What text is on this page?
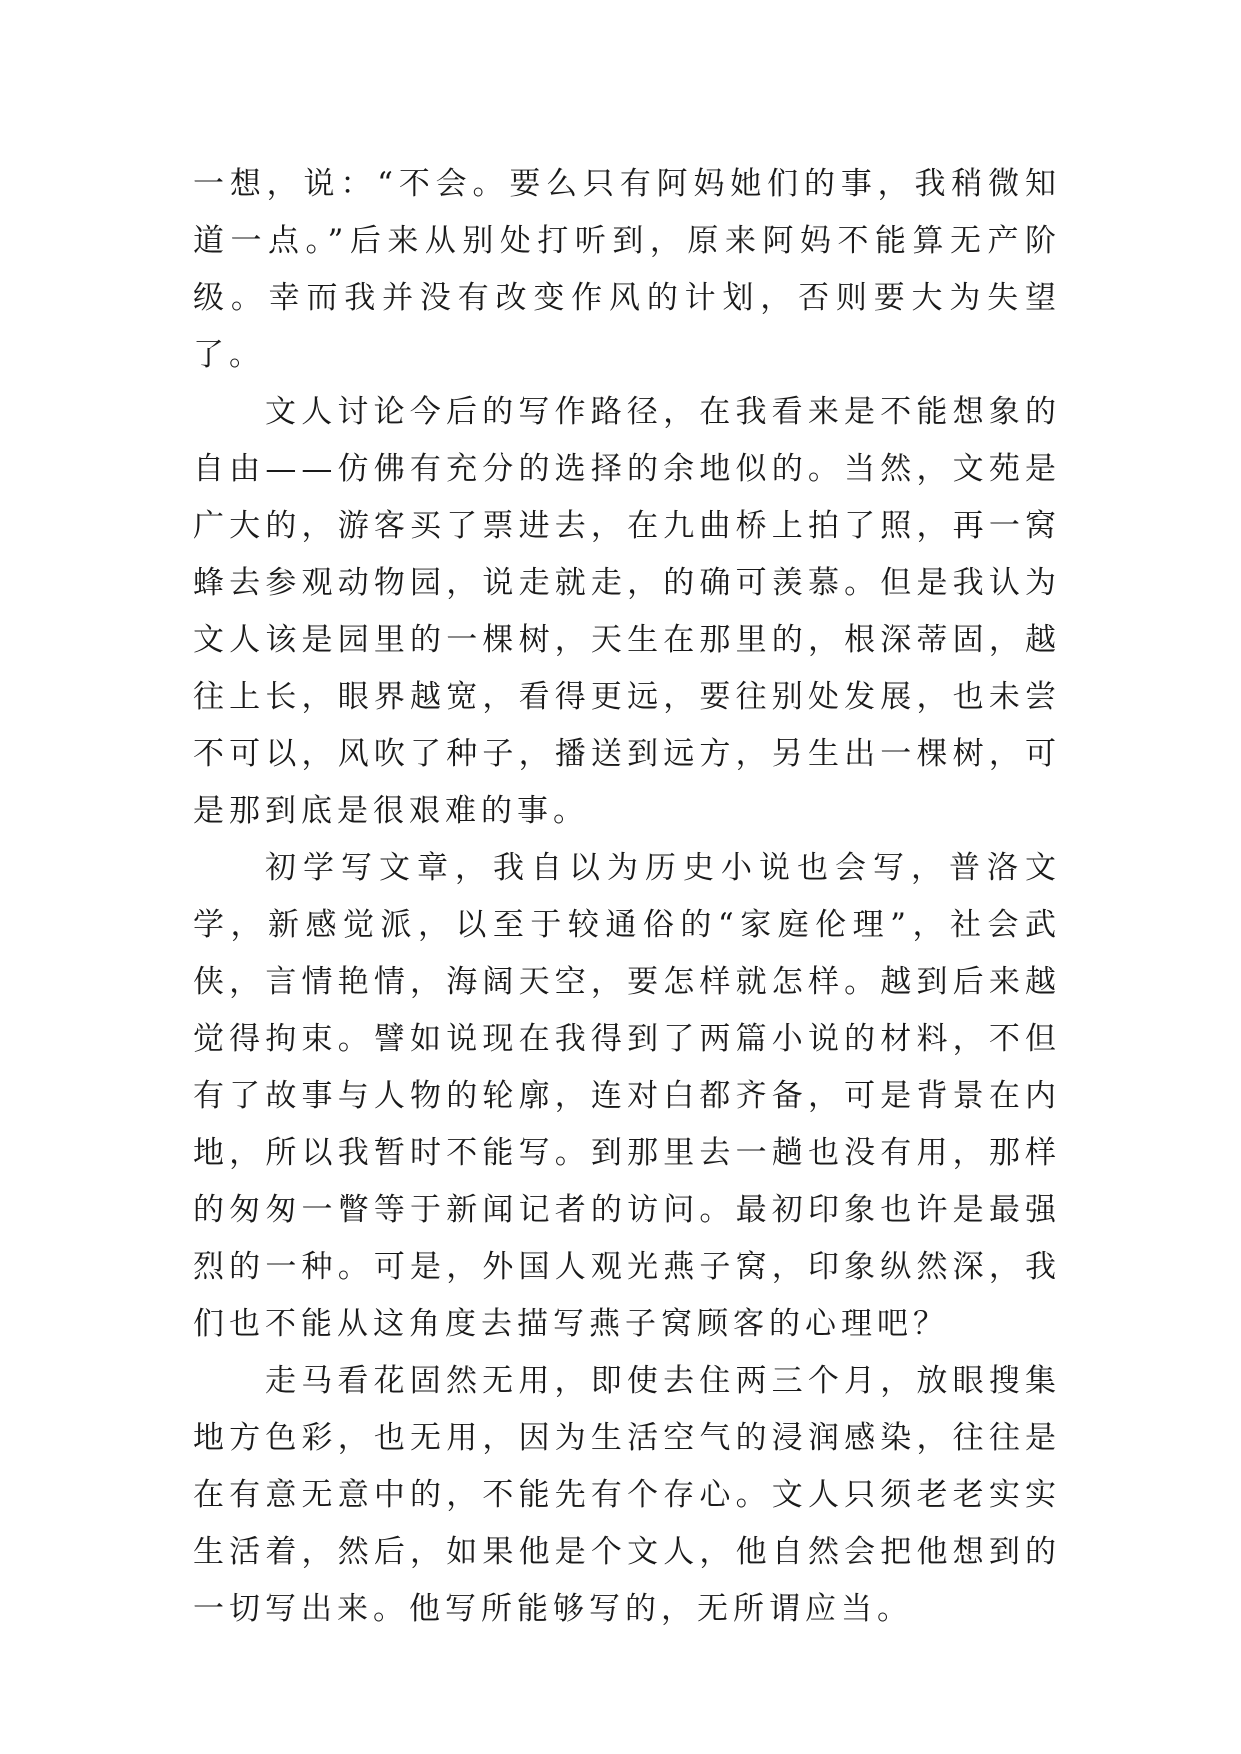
一想，说：“不会。要么只有阿妈她们的事，我稍微知道一点。”后来从别处打听到，原来阿妈不能算无产阶级。幸而我并没有改变作风的计划，否则要大为失望了。

文人讨论今后的写作路径，在我看来是不能想象的自由——仿佛有充分的选择的余地似的。当然，文苑是广大的，游客买了票进去，在九曲桥上拍了照，再一窝蜂去参观动物园，说走就走，的确可羡慕。但是我认为文人该是园里的一棵树，天生在那里的，根深蒂固，越往上长，眼界越宽，看得更远，要往别处发展，也未尝不可以，风吹了种子，播送到远方，另生出一棵树，可是那到底是很艰难的事。

初学写文章，我自以为历史小说也会写，普洛文学，新感觉派，以至于较通俗的“家庭伦理”，社会武侠，言情艳情，海阔天空，要怎样就怎样。越到后来越觉得拘束。譬如说现在我得到了两篇小说的材料，不但有了故事与人物的轮廓，连对白都齐备，可是背景在内地，所以我暂时不能写。到那里去一趟也没有用，那样的匆匆一瞥等于新闻记者的访问。最初印象也许是最强烈的一种。可是，外国人观光燕子窝，印象纵然深，我们也不能从这角度去描写燕子窝顾客的心理吧？

走马看花固然无用，即使去住两三个月，放眼搜集地方色彩，也无用，因为生活空气的浸润感染，往往是在有意无意中的，不能先有个存心。文人只须老老实实生活着，然后，如果他是个文人，他自然会把他想到的一切写出来。他写所能够写的，无所谓应当。
